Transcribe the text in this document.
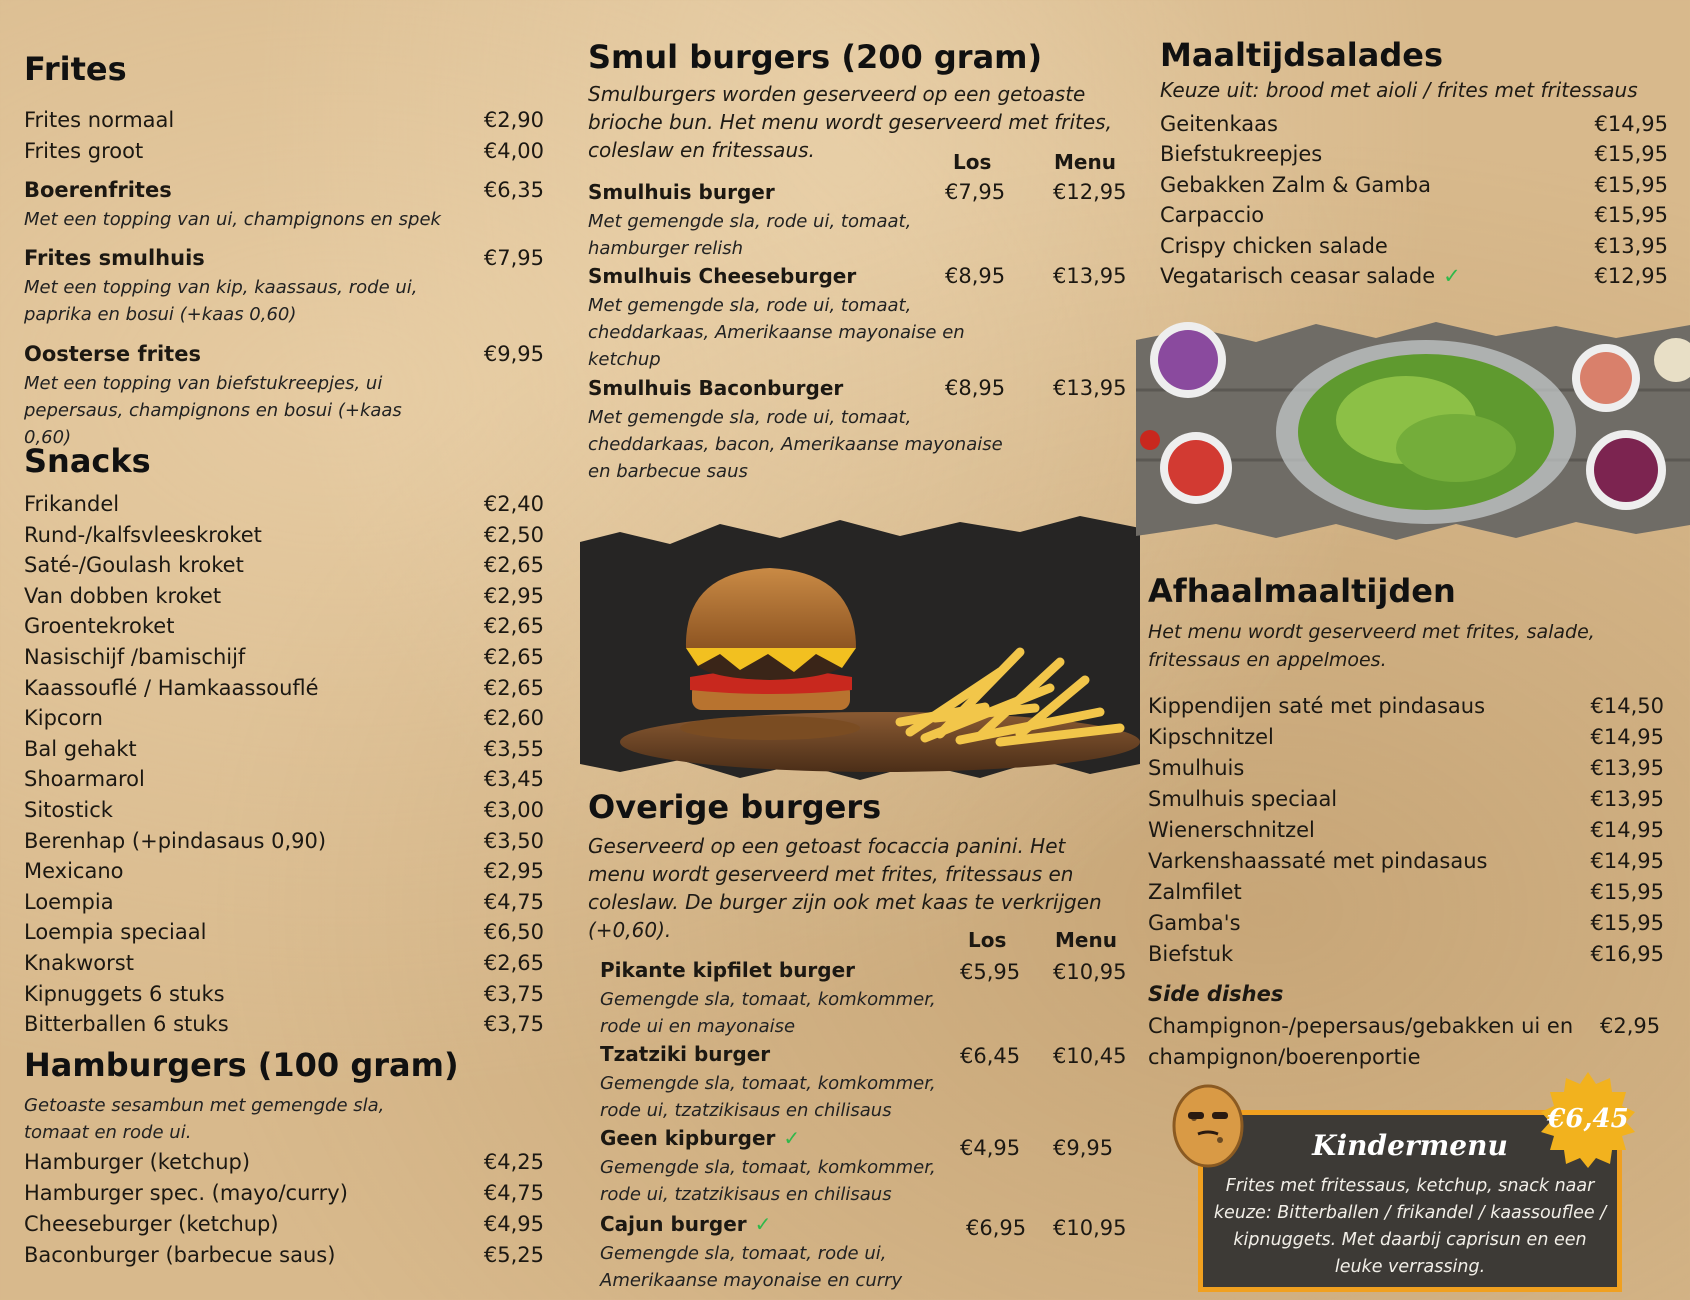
Frites
Frites normaal	€2,90
Frites groot	€4,00
Boerenfrites	€6,35
Met een topping van ui, champignons en spek
Frites smulhuis	€7,95
Met een topping van kip, kaassaus, rode ui, paprika en bosui (+kaas 0,60)
Oosterse frites	€9,95
Met een topping van biefstukreepjes, ui pepersaus, champignons en bosui (+kaas 0,60)
Snacks
Frikandel	€2,40
Rund-/kalfsvleeskroket	€2,50
Saté-/Goulash kroket	€2,65
Van dobben kroket	€2,95
Groentekroket	€2,65
Nasischijf /bamischijf	€2,65
Kaassouflé / Hamkaassouflé	€2,65
Kipcorn	€2,60
Bal gehakt	€3,55
Shoarmarol	€3,45
Sitostick	€3,00
Berenhap (+pindasaus 0,90)	€3,50
Mexicano	€2,95
Loempia	€4,75
Loempia speciaal	€6,50
Knakworst	€2,65
Kipnuggets 6 stuks	€3,75
Bitterballen 6 stuks	€3,75
Hamburgers (100 gram)
Getoaste sesambun met gemengde sla, tomaat en rode ui.
Hamburger (ketchup)	€4,25
Hamburger spec. (mayo/curry)	€4,75
Cheeseburger (ketchup)	€4,95
Baconburger (barbecue saus)	€5,25
Smul burgers (200 gram)
Smulburgers worden geserveerd op een getoaste brioche bun. Het menu wordt geserveerd met frites, coleslaw en fritessaus.	Los	Menu
Smulhuis burger	€7,95 €12,95
Met gemengde sla, rode ui, tomaat, hamburger relish
Smulhuis Cheeseburger	€8,95 €13,95
Met gemengde sla, rode ui, tomaat, cheddarkaas, Amerikaanse mayonaise en ketchup
Smulhuis Baconburger	€8,95 €13,95
Met gemengde sla, rode ui, tomaat, cheddarkaas, bacon, Amerikaanse mayonaise en barbecue saus
Overige burgers
Geserveerd op een getoast focaccia panini. Het menu wordt geserveerd met frites, fritessaus en coleslaw. De burger zijn ook met kaas te verkrijgen (+0,60).	Los Menu
Pikante kipfilet burger	€5,95 €10,95
Gemengde sla, tomaat, komkommer, rode ui en mayonaise
Tzatziki burger	€6,45 €10,45
Gemengde sla, tomaat, komkommer, rode ui, tzatzikisaus en chilisaus
Geen kipburger ✓	€4,95 €9,95
Gemengde sla, tomaat, komkommer, rode ui, tzatzikisaus en chilisaus
Cajun burger ✓	€6,95 €10,95
Gemengde sla, tomaat, rode ui, Amerikaanse mayonaise en curry
Maaltijdsalades
Keuze uit: brood met aioli / frites met fritessaus
Geitenkaas	€14,95
Biefstukreepjes	€15,95
Gebakken Zalm & Gamba	€15,95
Carpaccio	€15,95
Crispy chicken salade	€13,95
Vegatarisch ceasar salade ✓	€12,95
Afhaalmaaltijden
Het menu wordt geserveerd met frites, salade, fritessaus en appelmoes.
Kippendijen saté met pindasaus	€14,50
Kipschnitzel	€14,95
Smulhuis	€13,95
Smulhuis speciaal	€13,95
Wienerschnitzel	€14,95
Varkenshaassaté met pindasaus	€14,95
Zalmfilet	€15,95
Gamba's	€15,95
Biefstuk	€16,95
Side dishes
Champignon-/pepersaus/gebakken ui en
champignon/boerenportie
€2,95
Kindermenu
Frites met fritessaus, ketchup, snack naar keuze: Bitterballen / frikandel / kaassouflee / kipnuggets. Met daarbij caprisun en een leuke verrassing.
€6,45
